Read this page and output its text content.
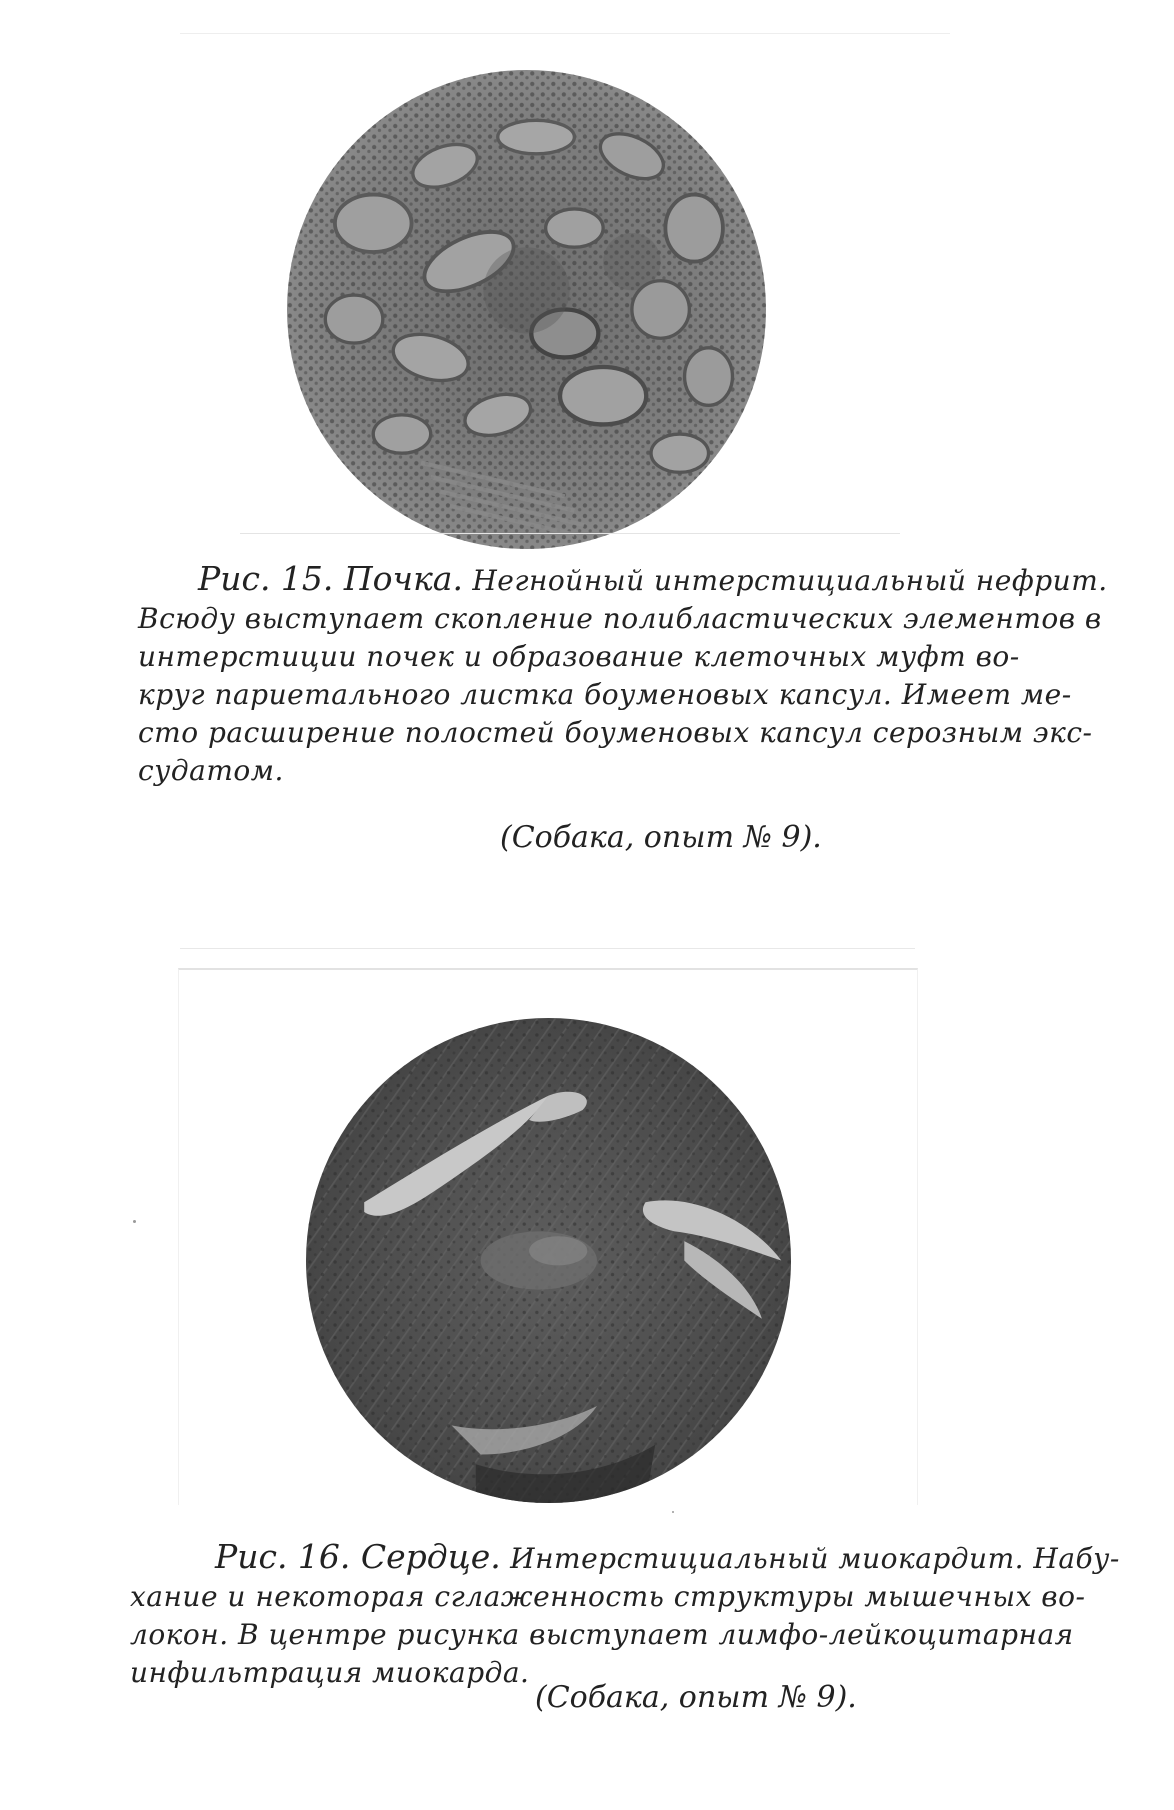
Рис. 15. Почка. Негнойный интерстициальный нефрит.
Всюду выступает скопление полибластических элементов в
интерстиции почек и образование клеточных муфт во-
круг париетального листка боуменовых капсул. Имеет ме-
сто расширение полостей боуменовых капсул серозным экс-
судатом.
(Собака, опыт № 9).
Рис. 16. Сердце. Интерстициальный миокардит. Набу-
хание и некоторая сглаженность структуры мышечных во-
локон. В центре рисунка выступает лимфо-лейкоцитарная
инфильтрация миокарда.
(Собака, опыт № 9).
